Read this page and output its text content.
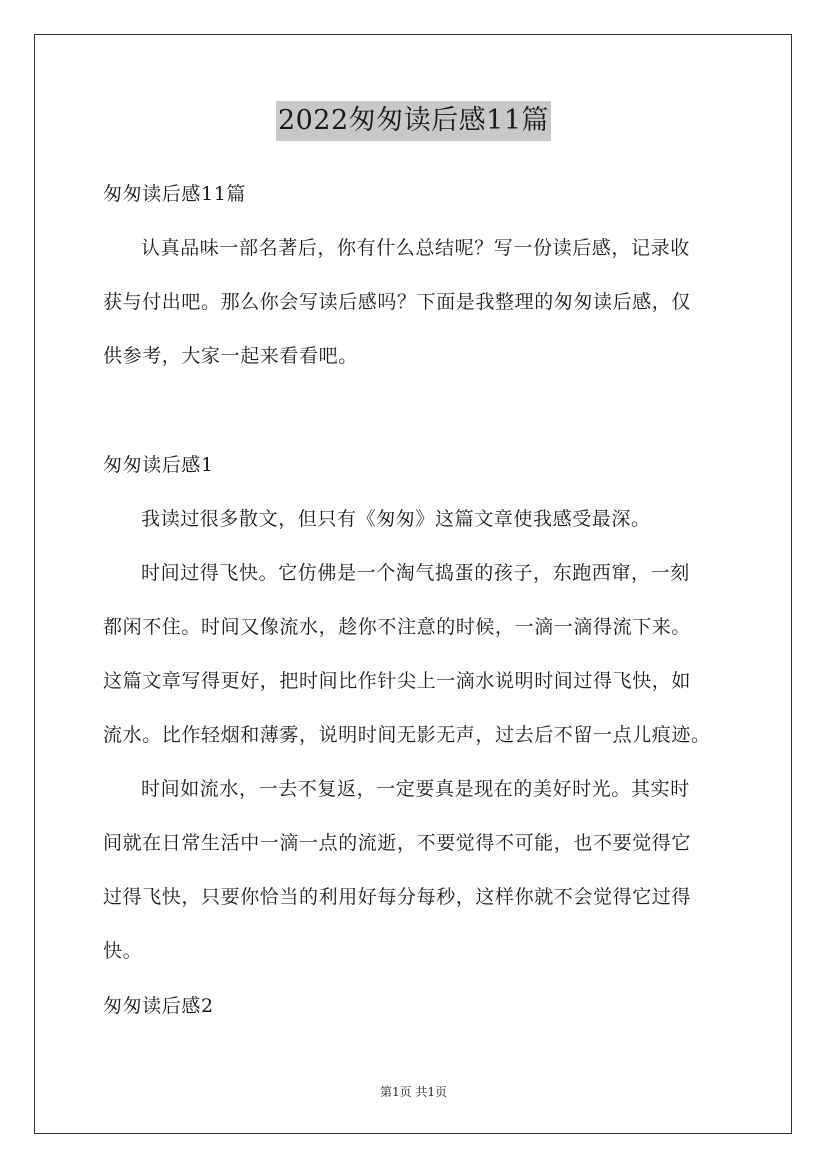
2022匆匆读后感11篇
匆匆读后感11篇
认真品味一部名著后，你有什么总结呢？写一份读后感，记录收
获与付出吧。那么你会写读后感吗？下面是我整理的匆匆读后感，仅
供参考，大家一起来看看吧。
匆匆读后感1
我读过很多散文，但只有《匆匆》这篇文章使我感受最深。
时间过得飞快。它仿佛是一个淘气捣蛋的孩子，东跑西窜，一刻
都闲不住。时间又像流水，趁你不注意的时候，一滴一滴得流下来。
这篇文章写得更好，把时间比作针尖上一滴水说明时间过得飞快，如
流水。比作轻烟和薄雾，说明时间无影无声，过去后不留一点儿痕迹。
时间如流水，一去不复返，一定要真是现在的美好时光。其实时
间就在日常生活中一滴一点的流逝，不要觉得不可能，也不要觉得它
过得飞快，只要你恰当的利用好每分每秒，这样你就不会觉得它过得
快。
匆匆读后感2
第1页 共1页
